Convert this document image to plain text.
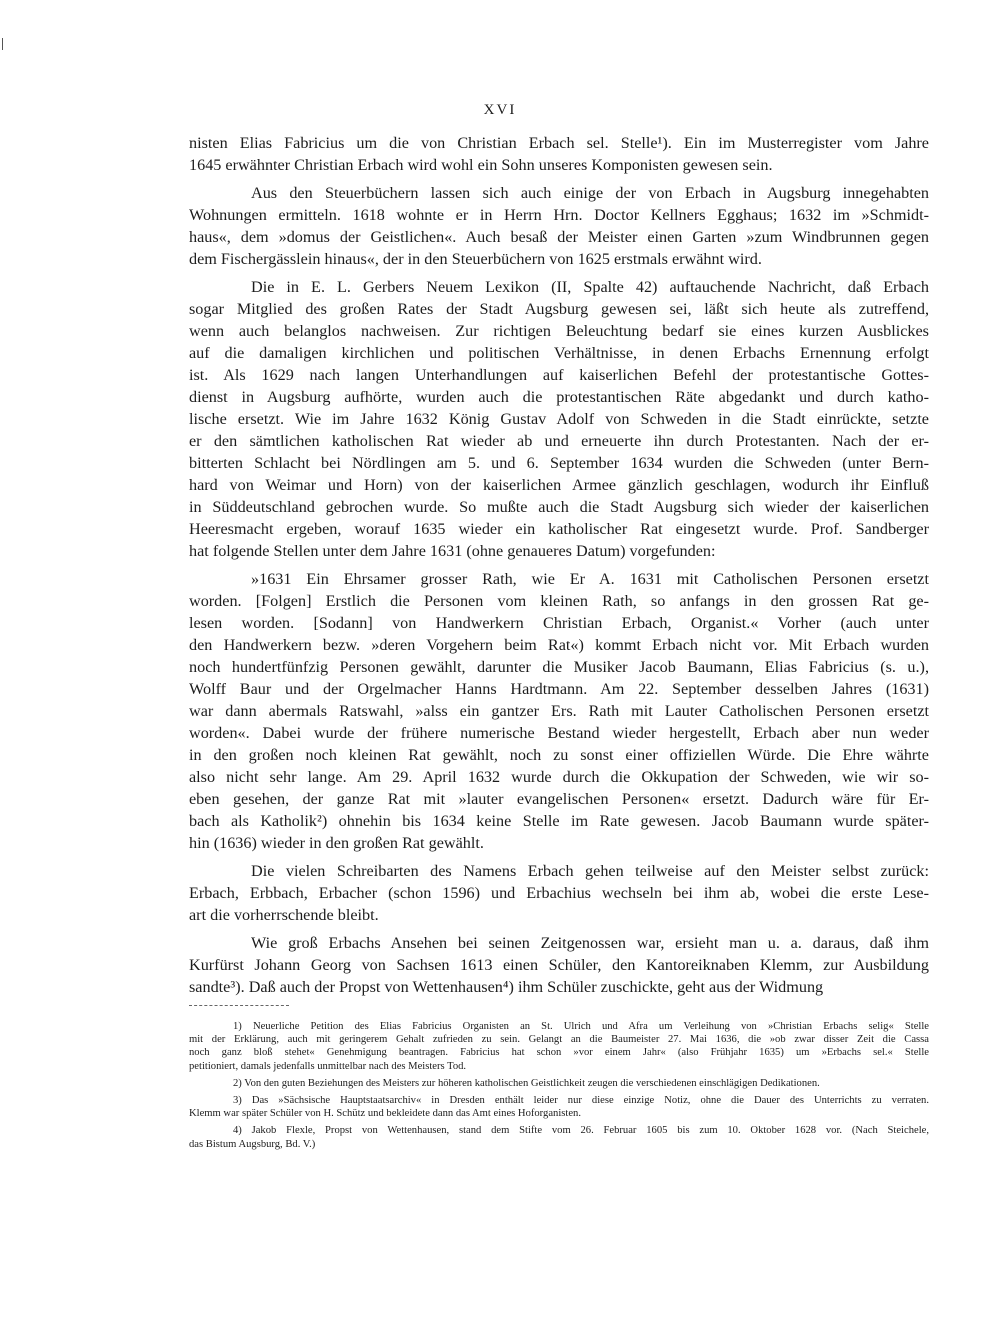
XVI

nisten Elias Fabricius um die von Christian Erbach sel. Stelle¹). Ein im Musterregister vom Jahre
1645 erwähnter Christian Erbach wird wohl ein Sohn unseres Komponisten gewesen sein.

Aus den Steuerbüchern lassen sich auch einige der von Erbach in Augsburg innegehabten
Wohnungen ermitteln. 1618 wohnte er in Herrn Hrn. Doctor Kellners Egghaus; 1632 im »Schmidt-
haus«, dem »domus der Geistlichen«. Auch besaß der Meister einen Garten »zum Windbrunnen gegen
dem Fischergässlein hinaus«, der in den Steuerbüchern von 1625 erstmals erwähnt wird.

Die in E. L. Gerbers Neuem Lexikon (II, Spalte 42) auftauchende Nachricht, daß Erbach
sogar Mitglied des großen Rates der Stadt Augsburg gewesen sei, läßt sich heute als zutreffend,
wenn auch belanglos nachweisen. Zur richtigen Beleuchtung bedarf sie eines kurzen Ausblickes
auf die damaligen kirchlichen und politischen Verhältnisse, in denen Erbachs Ernennung erfolgt
ist. Als 1629 nach langen Unterhandlungen auf kaiserlichen Befehl der protestantische Gottes-
dienst in Augsburg aufhörte, wurden auch die protestantischen Räte abgedankt und durch katho-
lische ersetzt. Wie im Jahre 1632 König Gustav Adolf von Schweden in die Stadt einrückte, setzte
er den sämtlichen katholischen Rat wieder ab und erneuerte ihn durch Protestanten. Nach der er-
bitterten Schlacht bei Nördlingen am 5. und 6. September 1634 wurden die Schweden (unter Bern-
hard von Weimar und Horn) von der kaiserlichen Armee gänzlich geschlagen, wodurch ihr Einfluß
in Süddeutschland gebrochen wurde. So mußte auch die Stadt Augsburg sich wieder der kaiserlichen
Heeresmacht ergeben, worauf 1635 wieder ein katholischer Rat eingesetzt wurde. Prof. Sandberger
hat folgende Stellen unter dem Jahre 1631 (ohne genaueres Datum) vorgefunden:

»1631 Ein Ehrsamer grosser Rath, wie Er A. 1631 mit Catholischen Personen ersetzt
worden. [Folgen] Erstlich die Personen vom kleinen Rath, so anfangs in den grossen Rat ge-
lesen worden. [Sodann] von Handwerkern Christian Erbach, Organist.« Vorher (auch unter
den Handwerkern bezw. »deren Vorgehern beim Rat«) kommt Erbach nicht vor. Mit Erbach wurden
noch hundertfünfzig Personen gewählt, darunter die Musiker Jacob Baumann, Elias Fabricius (s. u.),
Wolff Baur und der Orgelmacher Hanns Hardtmann. Am 22. September desselben Jahres (1631)
war dann abermals Ratswahl, »alss ein gantzer Ers. Rath mit Lauter Catholischen Personen ersetzt
worden«. Dabei wurde der frühere numerische Bestand wieder hergestellt, Erbach aber nun weder
in den großen noch kleinen Rat gewählt, noch zu sonst einer offiziellen Würde. Die Ehre währte
also nicht sehr lange. Am 29. April 1632 wurde durch die Okkupation der Schweden, wie wir so-
eben gesehen, der ganze Rat mit »lauter evangelischen Personen« ersetzt. Dadurch wäre für Er-
bach als Katholik²) ohnehin bis 1634 keine Stelle im Rate gewesen. Jacob Baumann wurde später-
hin (1636) wieder in den großen Rat gewählt.

Die vielen Schreibarten des Namens Erbach gehen teilweise auf den Meister selbst zurück:
Erbach, Erbbach, Erbacher (schon 1596) und Erbachius wechseln bei ihm ab, wobei die erste Lese-
art die vorherrschende bleibt.

Wie groß Erbachs Ansehen bei seinen Zeitgenossen war, ersieht man u. a. daraus, daß ihm
Kurfürst Johann Georg von Sachsen 1613 einen Schüler, den Kantoreiknaben Klemm, zur Ausbildung
sandte³). Daß auch der Propst von Wettenhausen⁴) ihm Schüler zuschickte, geht aus der Widmung

1) Neuerliche Petition des Elias Fabricius Organisten an St. Ulrich und Afra um Verleihung von »Christian Erbachs selig« Stelle
mit der Erklärung, auch mit geringerem Gehalt zufrieden zu sein. Gelangt an die Baumeister 27. Mai 1636, die »ob zwar disser Zeit die Cassa
noch ganz bloß stehet« Genehmigung beantragen. Fabricius hat schon »vor einem Jahr« (also Frühjahr 1635) um »Erbachs sel.« Stelle
petitioniert, damals jedenfalls unmittelbar nach des Meisters Tod.

2) Von den guten Beziehungen des Meisters zur höheren katholischen Geistlichkeit zeugen die verschiedenen einschlägigen Dedikationen.

3) Das »Sächsische Hauptstaatsarchiv« in Dresden enthält leider nur diese einzige Notiz, ohne die Dauer des Unterrichts zu verraten.
Klemm war später Schüler von H. Schütz und bekleidete dann das Amt eines Hoforganisten.

4) Jakob Flexle, Propst von Wettenhausen, stand dem Stifte vom 26. Februar 1605 bis zum 10. Oktober 1628 vor. (Nach Steichele,
das Bistum Augsburg, Bd. V.)
